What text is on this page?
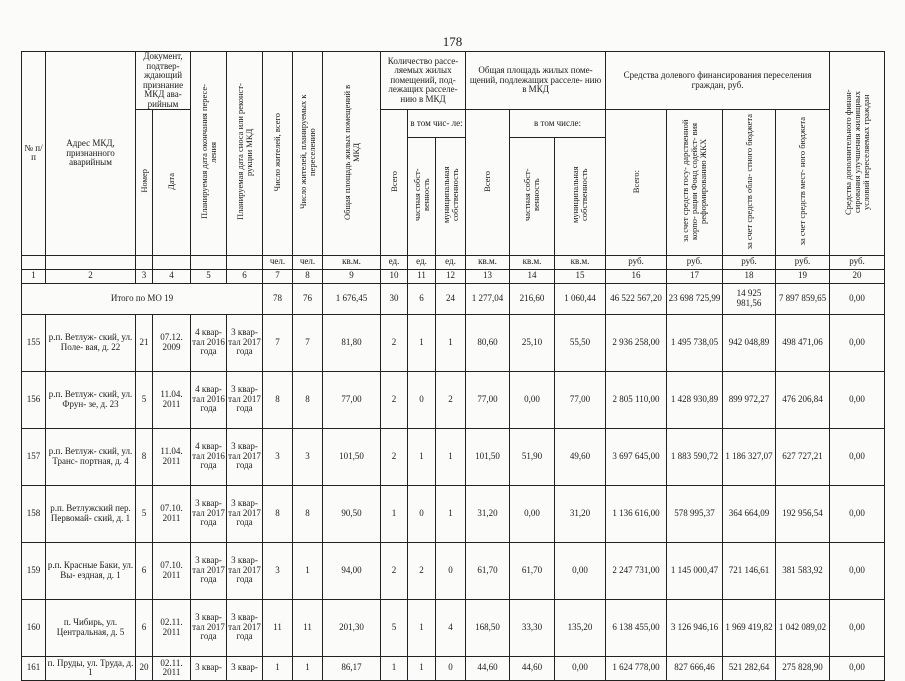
178
№ п/п	Адрес МКД, признанного аварийным	Документ, подтвер- ждающий признание МКД ава- рийным		Планируемая дата окончания пересе- ления	Планируемая дата сноса или реконст- рукции МКД	Число жителей, всего	Число жителей, планируемых к переселению	Общая площадь жилых помещений в МКД	Количество рассе- ляемых жилых помещений, под- лежащих расселе- нию в МКД			Общая площадь жилых поме- щений, подлежащих расселе- нию в МКД			Средства долевого финансирования переселения граждан, руб.				Средства дополнительного финан- сирования улучшения жилищных условий переселяемых граждан
		Номер	Дата						Всего	в том чис- ле:		Всего	в том числе:		Всего:	за счет средств госу- дарственной корпо- рации Фонд содейст- вия реформированию ЖКХ	за счет средств обла- стного бюджета	за счет средств мест- ного бюджета	
										частная собст- венность	муниципальная собственность		частная собст- венность	муниципальная собственность					
						чел.	чел.	кв.м.	ед.	ед.	ед.	кв.м.	кв.м.	кв.м.	руб.	руб.	руб.	руб.	руб.
1	2	3	4	5	6	7	8	9	10	11	12	13	14	15	16	17	18	19	20
Итого по МО 19						78	76	1 676,45	30	6	24	1 277,04	216,60	1 060,44	46 522 567,20	23 698 725,99	14 925 981,56	7 897 859,65	0,00
155	р.п. Ветлуж- ский, ул. Поле- вая, д. 22	21	07.12. 2009	4 квар- тал 2016 года	3 квар- тал 2017 года	7	7	81,80	2	1	1	80,60	25,10	55,50	2 936 258,00	1 495 738,05	942 048,89	498 471,06	0,00
156	р.п. Ветлуж- ский, ул. Фрун- зе, д. 23	5	11.04. 2011	4 квар- тал 2016 года	3 квар- тал 2017 года	8	8	77,00	2	0	2	77,00	0,00	77,00	2 805 110,00	1 428 930,89	899 972,27	476 206,84	0,00
157	р.п. Ветлуж- ский, ул. Транс- портная, д. 4	8	11.04. 2011	4 квар- тал 2016 года	3 квар- тал 2017 года	3	3	101,50	2	1	1	101,50	51,90	49,60	3 697 645,00	1 883 590,72	1 186 327,07	627 727,21	0,00
158	р.п. Ветлужский пер. Первомай- ский, д. 1	5	07.10. 2011	3 квар- тал 2017 года	3 квар- тал 2017 года	8	8	90,50	1	0	1	31,20	0,00	31,20	1 136 616,00	578 995,37	364 664,09	192 956,54	0,00
159	р.п. Красные Баки, ул. Вы- ездная, д. 1	6	07.10. 2011	3 квар- тал 2017 года	3 квар- тал 2017 года	3	1	94,00	2	2	0	61,70	61,70	0,00	2 247 731,00	1 145 000,47	721 146,61	381 583,92	0,00
160	п. Чибирь, ул. Центральная, д. 5	6	02.11. 2011	3 квар- тал 2017 года	3 квар- тал 2017 года	11	11	201,30	5	1	4	168,50	33,30	135,20	6 138 455,00	3 126 946,16	1 969 419,82	1 042 089,02	0,00
161	п. Пруды, ул. Труда, д. 1	20	02.11. 2011	3 квар-	3 квар-	1	1	86,17	1	1	0	44,60	44,60	0,00	1 624 778,00	827 666,46	521 282,64	275 828,90	0,00
